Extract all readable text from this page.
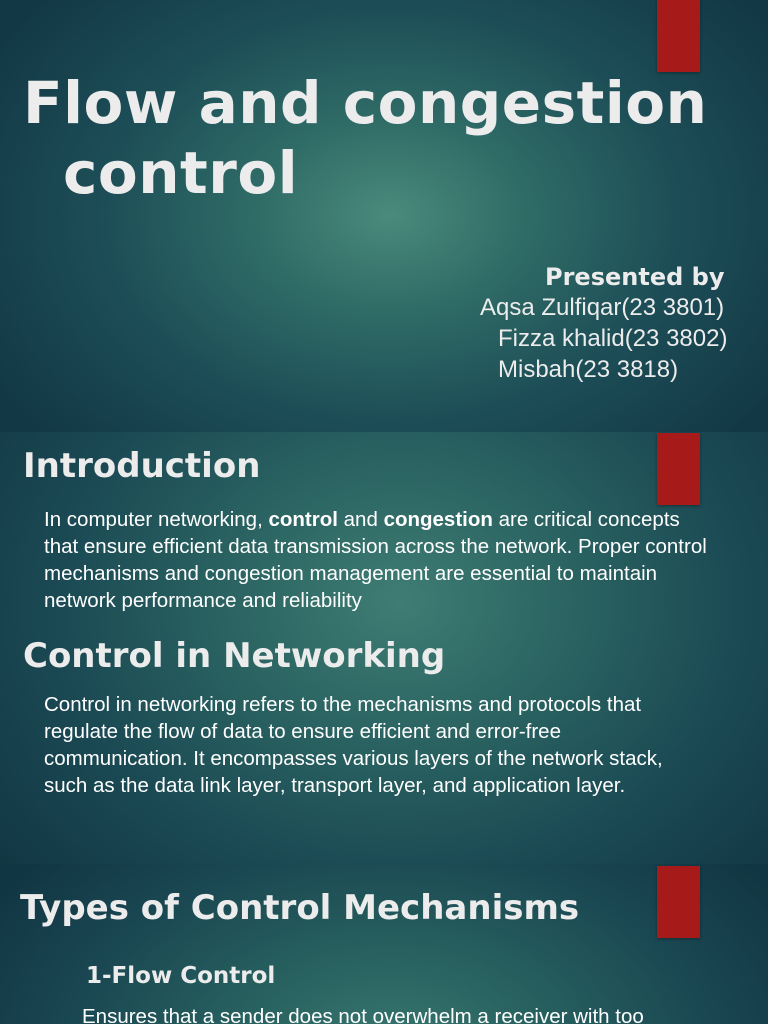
Flow and congestion
control
Presented by
Aqsa Zulfiqar(23 3801)
Fizza khalid(23 3802)
Misbah(23 3818)
Introduction

In computer networking, control and congestion are critical concepts
that ensure efficient data transmission across the network. Proper control
mechanisms and congestion management are essential to maintain
network performance and reliability

Control in Networking

Control in networking refers to the mechanisms and protocols that
regulate the flow of data to ensure efficient and error-free
communication. It encompasses various layers of the network stack,
such as the data link layer, transport layer, and application layer.

Types of Control Mechanisms
1-Flow Control

Ensures that a sender does not overwhelm a receiver with too
